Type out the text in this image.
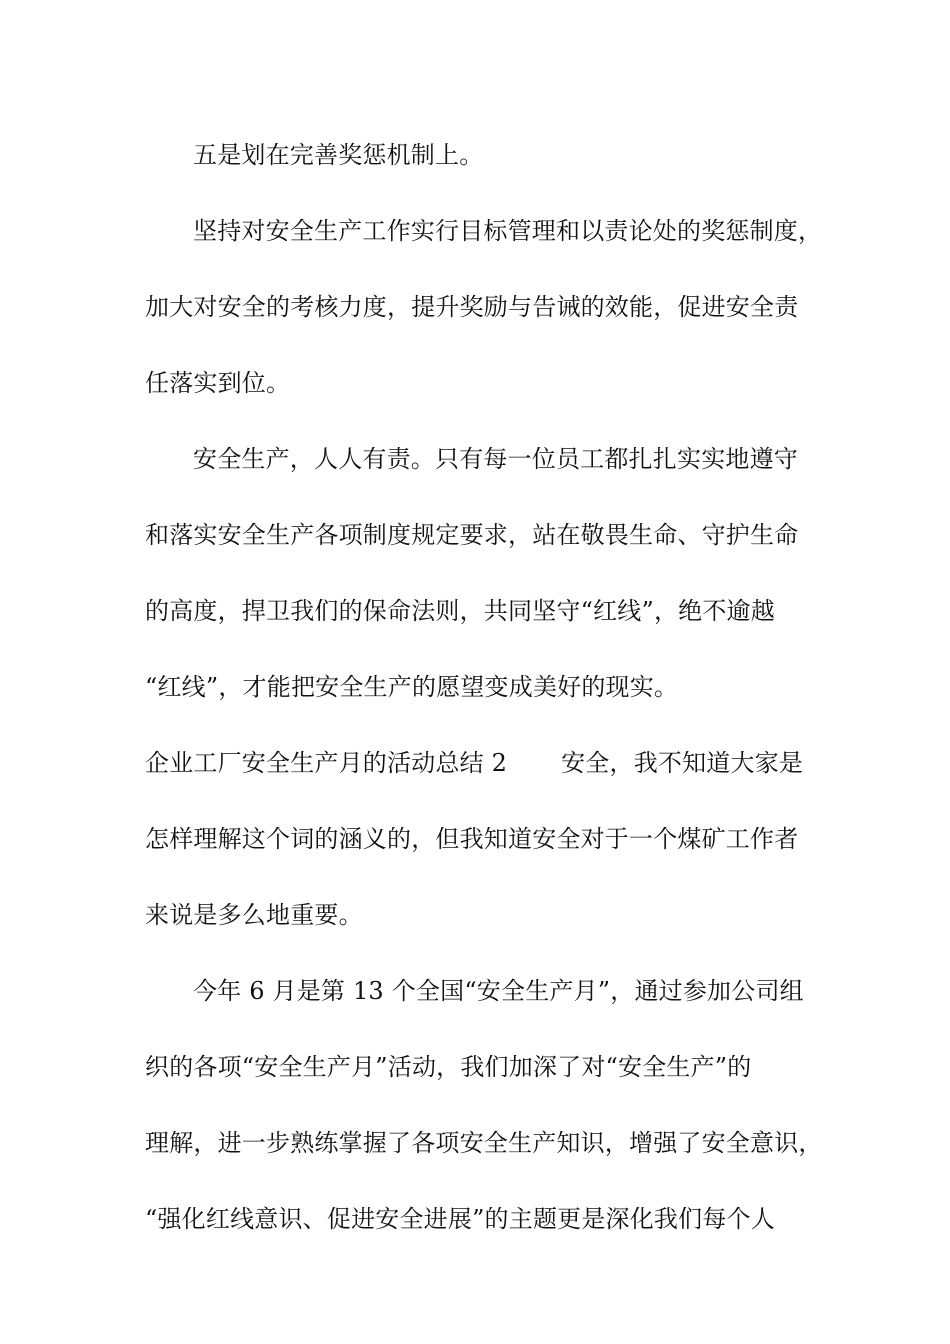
五是划在完善奖惩机制上。
坚持对安全生产工作实行目标管理和以责论处的奖惩制度，
加大对安全的考核力度，提升奖励与告诫的效能，促进安全责
任落实到位。
安全生产，人人有责。只有每一位员工都扎扎实实地遵守
和落实安全生产各项制度规定要求，站在敬畏生命、守护生命
的高度，捍卫我们的保命法则，共同坚守“红线”，绝不逾越
“红线”，才能把安全生产的愿望变成美好的现实。
企业工厂安全生产月的活动总结 2 安全，我不知道大家是
怎样理解这个词的涵义的，但我知道安全对于一个煤矿工作者
来说是多么地重要。
今年 6 月是第 13 个全国“安全生产月”，通过参加公司组
织的各项“安全生产月”活动，我们加深了对“安全生产”的
理解，进一步熟练掌握了各项安全生产知识，增强了安全意识，
“强化红线意识、促进安全进展”的主题更是深化我们每个人
